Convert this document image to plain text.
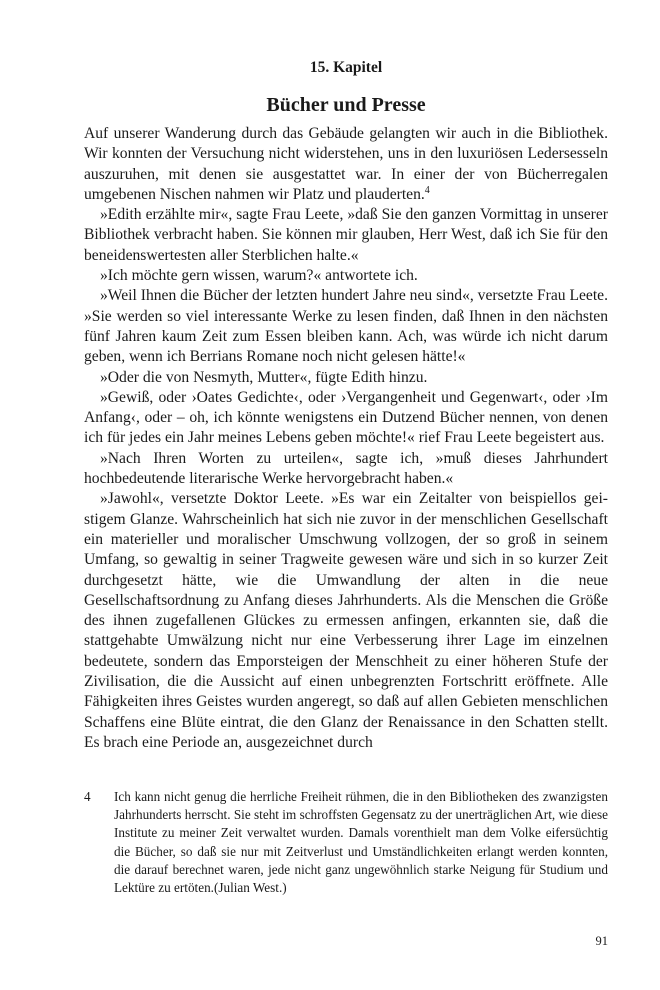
15. Kapitel
Bücher und Presse

Auf unserer Wanderung durch das Gebäude gelangten wir auch in die Bibliothek. Wir konnten der Versuchung nicht widerstehen, uns in den luxuriösen Ledersesseln auszuruhen, mit denen sie ausgestattet war. In einer der von Bücherregalen umgebenen Nischen nahmen wir Platz und plauderten.$^4$

»Edith erzählte mir«, sagte Frau Leete, »daß Sie den ganzen Vormittag in unserer Bibliothek verbracht haben. Sie können mir glauben, Herr West, daß ich Sie für den beneidenswertesten aller Sterblichen halte.«

»Ich möchte gern wissen, warum?« antwortete ich.

»Weil Ihnen die Bücher der letzten hundert Jahre neu sind«, versetzte Frau Leete. »Sie werden so viel interessante Werke zu lesen finden, daß Ihnen in den nächsten fünf Jahren kaum Zeit zum Essen bleiben kann. Ach, was würde ich nicht darum geben, wenn ich Berrians Romane noch nicht gelesen hätte!«

»Oder die von Nesmyth, Mutter«, fügte Edith hinzu.

»Gewiß, oder ›Oates Gedichte‹, oder ›Vergangenheit und Gegenwart‹, oder ›Im Anfang‹, oder – oh, ich könnte wenigstens ein Dutzend Bücher nennen, von denen ich für jedes ein Jahr meines Lebens geben möchte!« rief Frau Leete begeistert aus.

»Nach Ihren Worten zu urteilen«, sagte ich, »muß dieses Jahrhundert hochbedeutende literarische Werke hervorgebracht haben.«

»Jawohl«, versetzte Doktor Leete. »Es war ein Zeitalter von beispiellos geistigem Glanze. Wahrscheinlich hat sich nie zuvor in der menschlichen Gesellschaft ein materieller und moralischer Umschwung vollzogen, der so groß in seinem Umfang, so gewaltig in seiner Tragweite gewesen wäre und sich in so kurzer Zeit durchgesetzt hätte, wie die Umwandlung der alten in die neue Gesellschaftsordnung zu Anfang dieses Jahrhunderts. Als die Menschen die Größe des ihnen zugefallenen Glückes zu ermessen anfingen, erkannten sie, daß die stattgehabte Umwälzung nicht nur eine Verbesserung ihrer Lage im einzelnen bedeutete, sondern das Emporsteigen der Menschheit zu einer höheren Stufe der Zivilisation, die die Aussicht auf einen unbegrenzten Fortschritt eröffnete. Alle Fähigkeiten ihres Geistes wurden angeregt, so daß auf allen Gebieten menschlichen Schaffens eine Blüte eintrat, die den Glanz der Renaissance in den Schatten stellt. Es brach eine Periode an, ausgezeichnet durch

4	Ich kann nicht genug die herrliche Freiheit rühmen, die in den Bibliotheken des zwanzigsten Jahrhunderts herrscht. Sie steht im schroffsten Gegensatz zu der unerträglichen Art, wie diese Institute zu meiner Zeit verwaltet wurden. Damals vorenthielt man dem Volke eifersüchtig die Bücher, so daß sie nur mit Zeitverlust und Umständlichkeiten erlangt werden konnten, die darauf berechnet waren, jede nicht ganz ungewöhnlich starke Neigung für Studium und Lektüre zu ertöten.(Julian West.)
91
